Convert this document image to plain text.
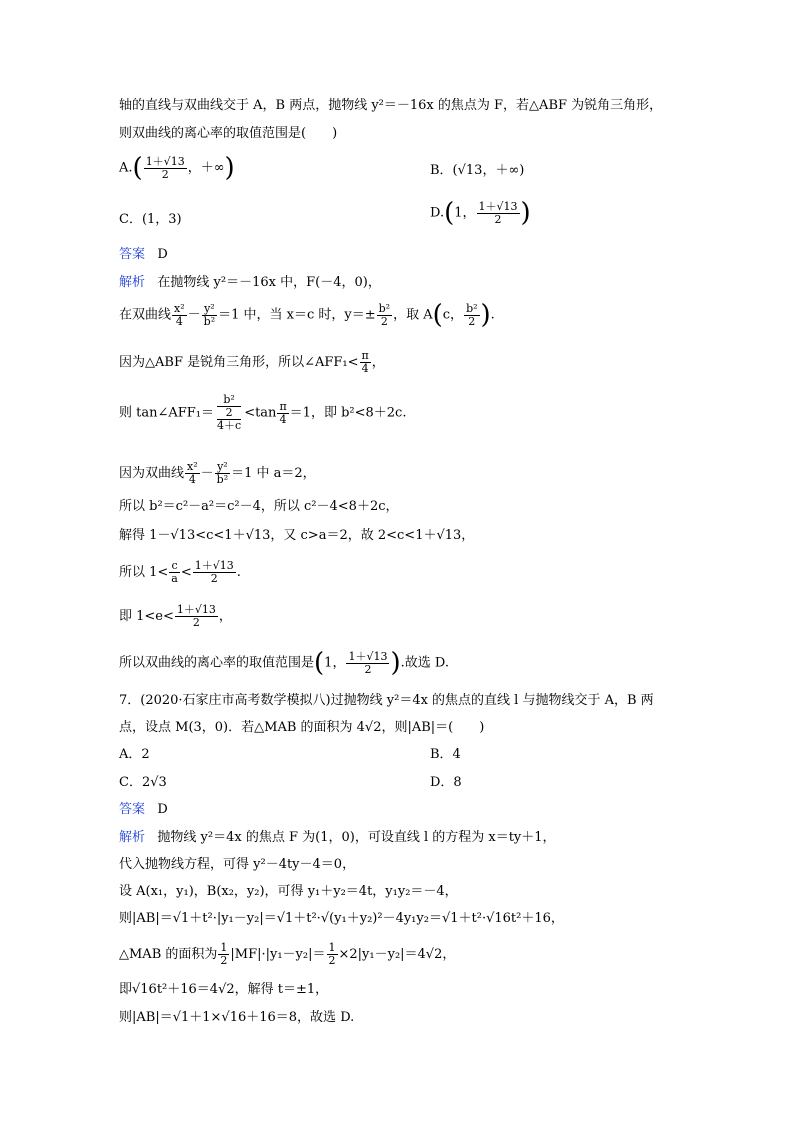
轴的直线与双曲线交于 A，B 两点，抛物线 y²＝－16x 的焦点为 F，若△ABF 为锐角三角形，
则双曲线的离心率的取值范围是(　　)
$A.( \frac{1+√13}{2}$ ，＋∞)	B．(√13，＋∞)
C．(1，3)	D.(1， $\frac{1+√13}{2}$ )
答案 D
解析 在抛物线 y²＝－16x 中，F(－4，0)，
在双曲线 $\frac{\text{x²}}{4} - \frac{\text{y²}}{\text{b²}} =1$ 中，当 x＝c 时，$y=\pm \frac{\text{b²}}{2}$ ，取 A(c， $\frac{\text{b²}}{2}$ ).
因为△ABF 是锐角三角形，所以∠AFF₁< $\frac{\pi}{4}$ ，
则 tan∠AFF₁＝
b²
2
4＋c
$<\tan \frac{\pi}{4} =1$，即 b²<8＋2c.
因为双曲线 $\frac{\text{x²}}{4} - \frac{\text{y²}}{\text{b²}} =1$ 中 a＝2，
所以 b²＝c²－a²＝c²－4，所以 c²－4<8＋2c，
解得 1－√13<c<1＋√13，又 c>a＝2，故 2<c<1＋√13，
所以 $1< \frac{c}{a} < \frac{1+√13}{2}$ .
即 $1<e< \frac{1+√13}{2}$ ，
所以双曲线的离心率的取值范围是(1， $\frac{1+√13}{2}$ ).故选 D.
7．(2020·石家庄市高考数学模拟八)过抛物线 y²＝4x 的焦点的直线 l 与抛物线交于 A，B 两
点，设点 M(3，0)．若△MAB 的面积为 4√2，则|AB|＝(　　)
A．2	B．4
C．2√3	D．8
答案 D
解析 抛物线 y²＝4x 的焦点 F 为(1，0)，可设直线 l 的方程为 x＝ty＋1，
代入抛物线方程，可得 y²－4ty－4＝0，
设 A(x₁，y₁)，B(x₂，y₂)，可得 y₁＋y₂＝4t，y₁y₂＝－4，
则|AB|＝√1＋t²·|y₁－y₂|＝√1＋t²·√(y₁＋y₂)²－4y₁y₂＝√1＋t²·√16t²＋16，
△MAB 的面积为 $\frac{1}{2} |MF|\cdot|y_1-y_2|= \frac{1}{2} \times 2|y_1-y_2|=4√2$，
即√16t²＋16＝4√2，解得 t＝±1，
则|AB|＝√1＋1×√16＋16＝8，故选 D.
